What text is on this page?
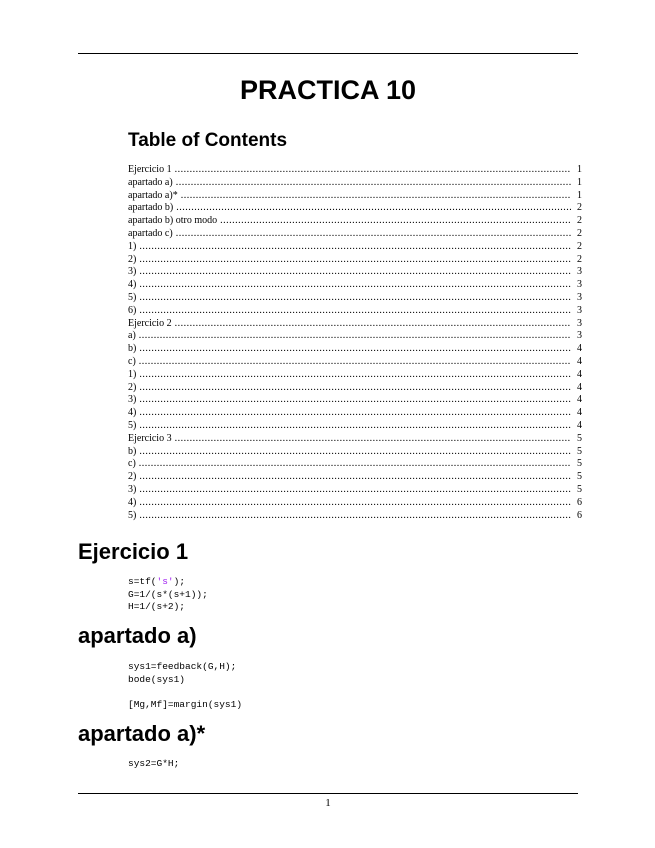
PRACTICA 10
Table of Contents
Ejercicio 1 .....	1
apartado a) .....	1
apartado a)* .....	1
apartado b) .....	2
apartado b) otro modo .....	2
apartado c) .....	2
1) .....	2
2) .....	2
3) .....	3
4) .....	3
5) .....	3
6) .....	3
Ejercicio 2 .....	3
a) .....	3
b) .....	4
c) .....	4
1) .....	4
2) .....	4
3) .....	4
4) .....	4
5) .....	4
Ejercicio 3 .....	5
b) .....	5
c) .....	5
2) .....	5
3) .....	5
4) .....	6
5) .....	6
Ejercicio 1
s=tf('s');
G=1/(s*(s+1));
H=1/(s+2);
apartado a)
sys1=feedback(G,H);
bode(sys1)

[Mg,Mf]=margin(sys1)
apartado a)*
sys2=G*H;
1
